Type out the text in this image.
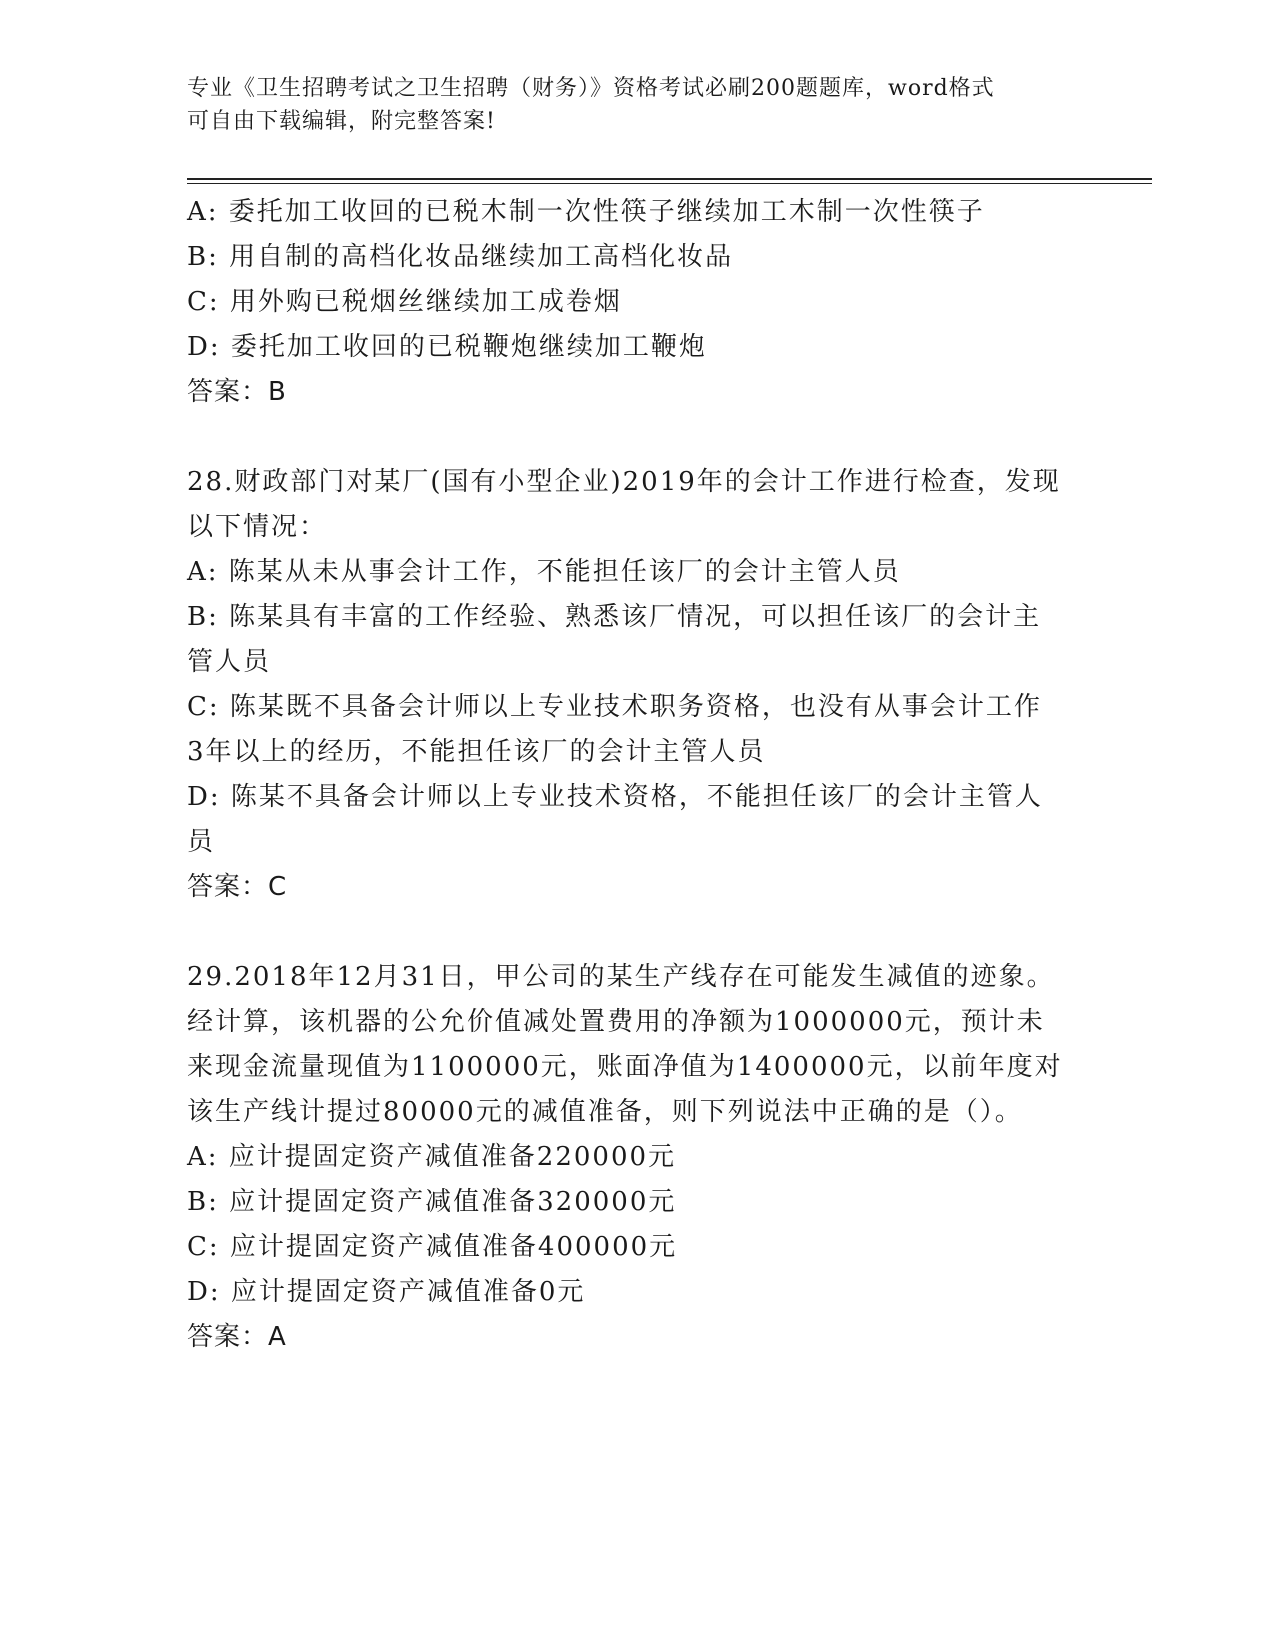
专业《卫生招聘考试之卫生招聘（财务）》资格考试必刷200题题库，word格式
可自由下载编辑，附完整答案!
A: 委托加工收回的已税木制一次性筷子继续加工木制一次性筷子
B: 用自制的高档化妆品继续加工高档化妆品
C: 用外购已税烟丝继续加工成卷烟
D: 委托加工收回的已税鞭炮继续加工鞭炮
答案：B
28.财政部门对某厂(国有小型企业)2019年的会计工作进行检查，发现
以下情况：
A: 陈某从未从事会计工作，不能担任该厂的会计主管人员
B: 陈某具有丰富的工作经验、熟悉该厂情况，可以担任该厂的会计主
管人员
C: 陈某既不具备会计师以上专业技术职务资格，也没有从事会计工作
3年以上的经历，不能担任该厂的会计主管人员
D: 陈某不具备会计师以上专业技术资格，不能担任该厂的会计主管人
员
答案：C
29.2018年12月31日，甲公司的某生产线存在可能发生减值的迹象。
经计算，该机器的公允价值减处置费用的净额为1000000元，预计未
来现金流量现值为1100000元，账面净值为1400000元，以前年度对
该生产线计提过80000元的减值准备，则下列说法中正确的是（）。
A: 应计提固定资产减值准备220000元
B: 应计提固定资产减值准备320000元
C: 应计提固定资产减值准备400000元
D: 应计提固定资产减值准备0元
答案：A
